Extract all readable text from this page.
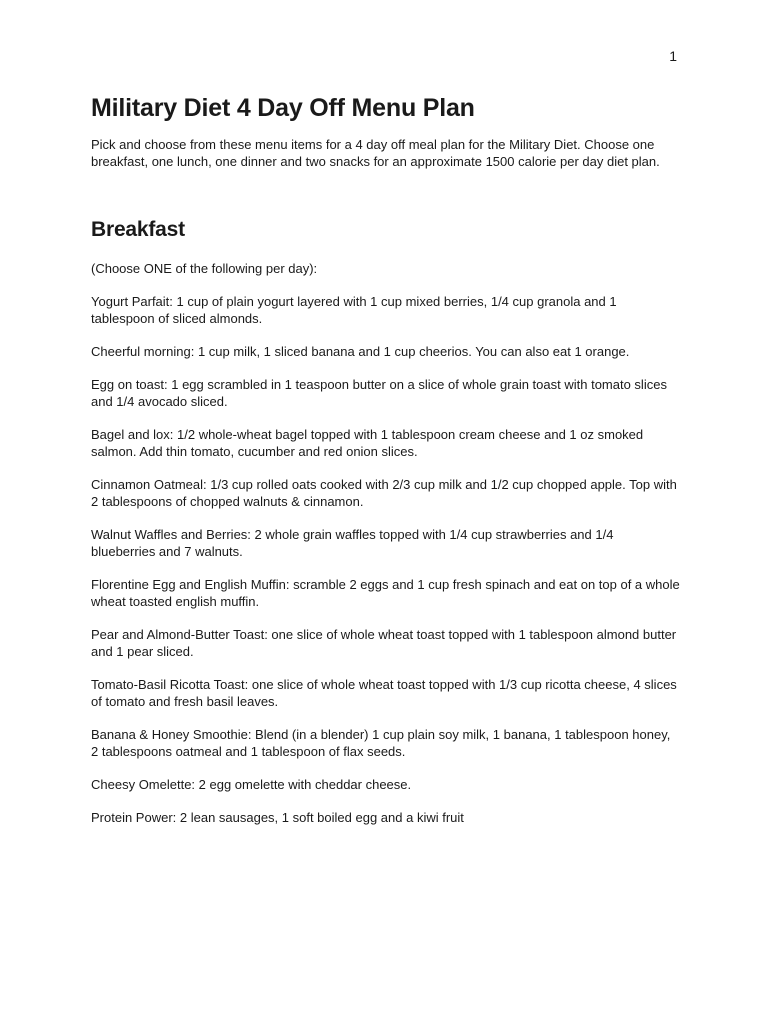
1
Military Diet 4 Day Off Menu Plan

Pick and choose from these menu items for a 4 day off meal plan for the Military Diet. Choose one breakfast, one lunch, one dinner and two snacks for an approximate 1500 calorie per day diet plan.

Breakfast

(Choose ONE of the following per day):

Yogurt Parfait: 1 cup of plain yogurt layered with 1 cup mixed berries, 1/4 cup granola and 1 tablespoon of sliced almonds.
Cheerful morning: 1 cup milk, 1 sliced banana and 1 cup cheerios. You can also eat 1 orange.
Egg on toast: 1 egg scrambled in 1 teaspoon butter on a slice of whole grain toast with tomato slices and 1/4 avocado sliced.
Bagel and lox: 1/2 whole-wheat bagel topped with 1 tablespoon cream cheese and 1 oz smoked salmon. Add thin tomato, cucumber and red onion slices.
Cinnamon Oatmeal: 1/3 cup rolled oats cooked with 2/3 cup milk and 1/2 cup chopped apple. Top with 2 tablespoons of chopped walnuts & cinnamon.
Walnut Waffles and Berries: 2 whole grain waffles topped with 1/4 cup strawberries and 1/4 blueberries and 7 walnuts.
Florentine Egg and English Muffin: scramble 2 eggs and 1 cup fresh spinach and eat on top of a whole wheat toasted english muffin.
Pear and Almond-Butter Toast: one slice of whole wheat toast topped with 1 tablespoon almond butter and 1 pear sliced.
Tomato-Basil Ricotta Toast: one slice of whole wheat toast topped with 1/3 cup ricotta cheese, 4 slices of tomato and fresh basil leaves.
Banana & Honey Smoothie: Blend (in a blender) 1 cup plain soy milk, 1 banana, 1 tablespoon honey, 2 tablespoons oatmeal and 1 tablespoon of flax seeds.
Cheesy Omelette: 2 egg omelette with cheddar cheese.
Protein Power: 2 lean sausages, 1 soft boiled egg and a kiwi fruit
